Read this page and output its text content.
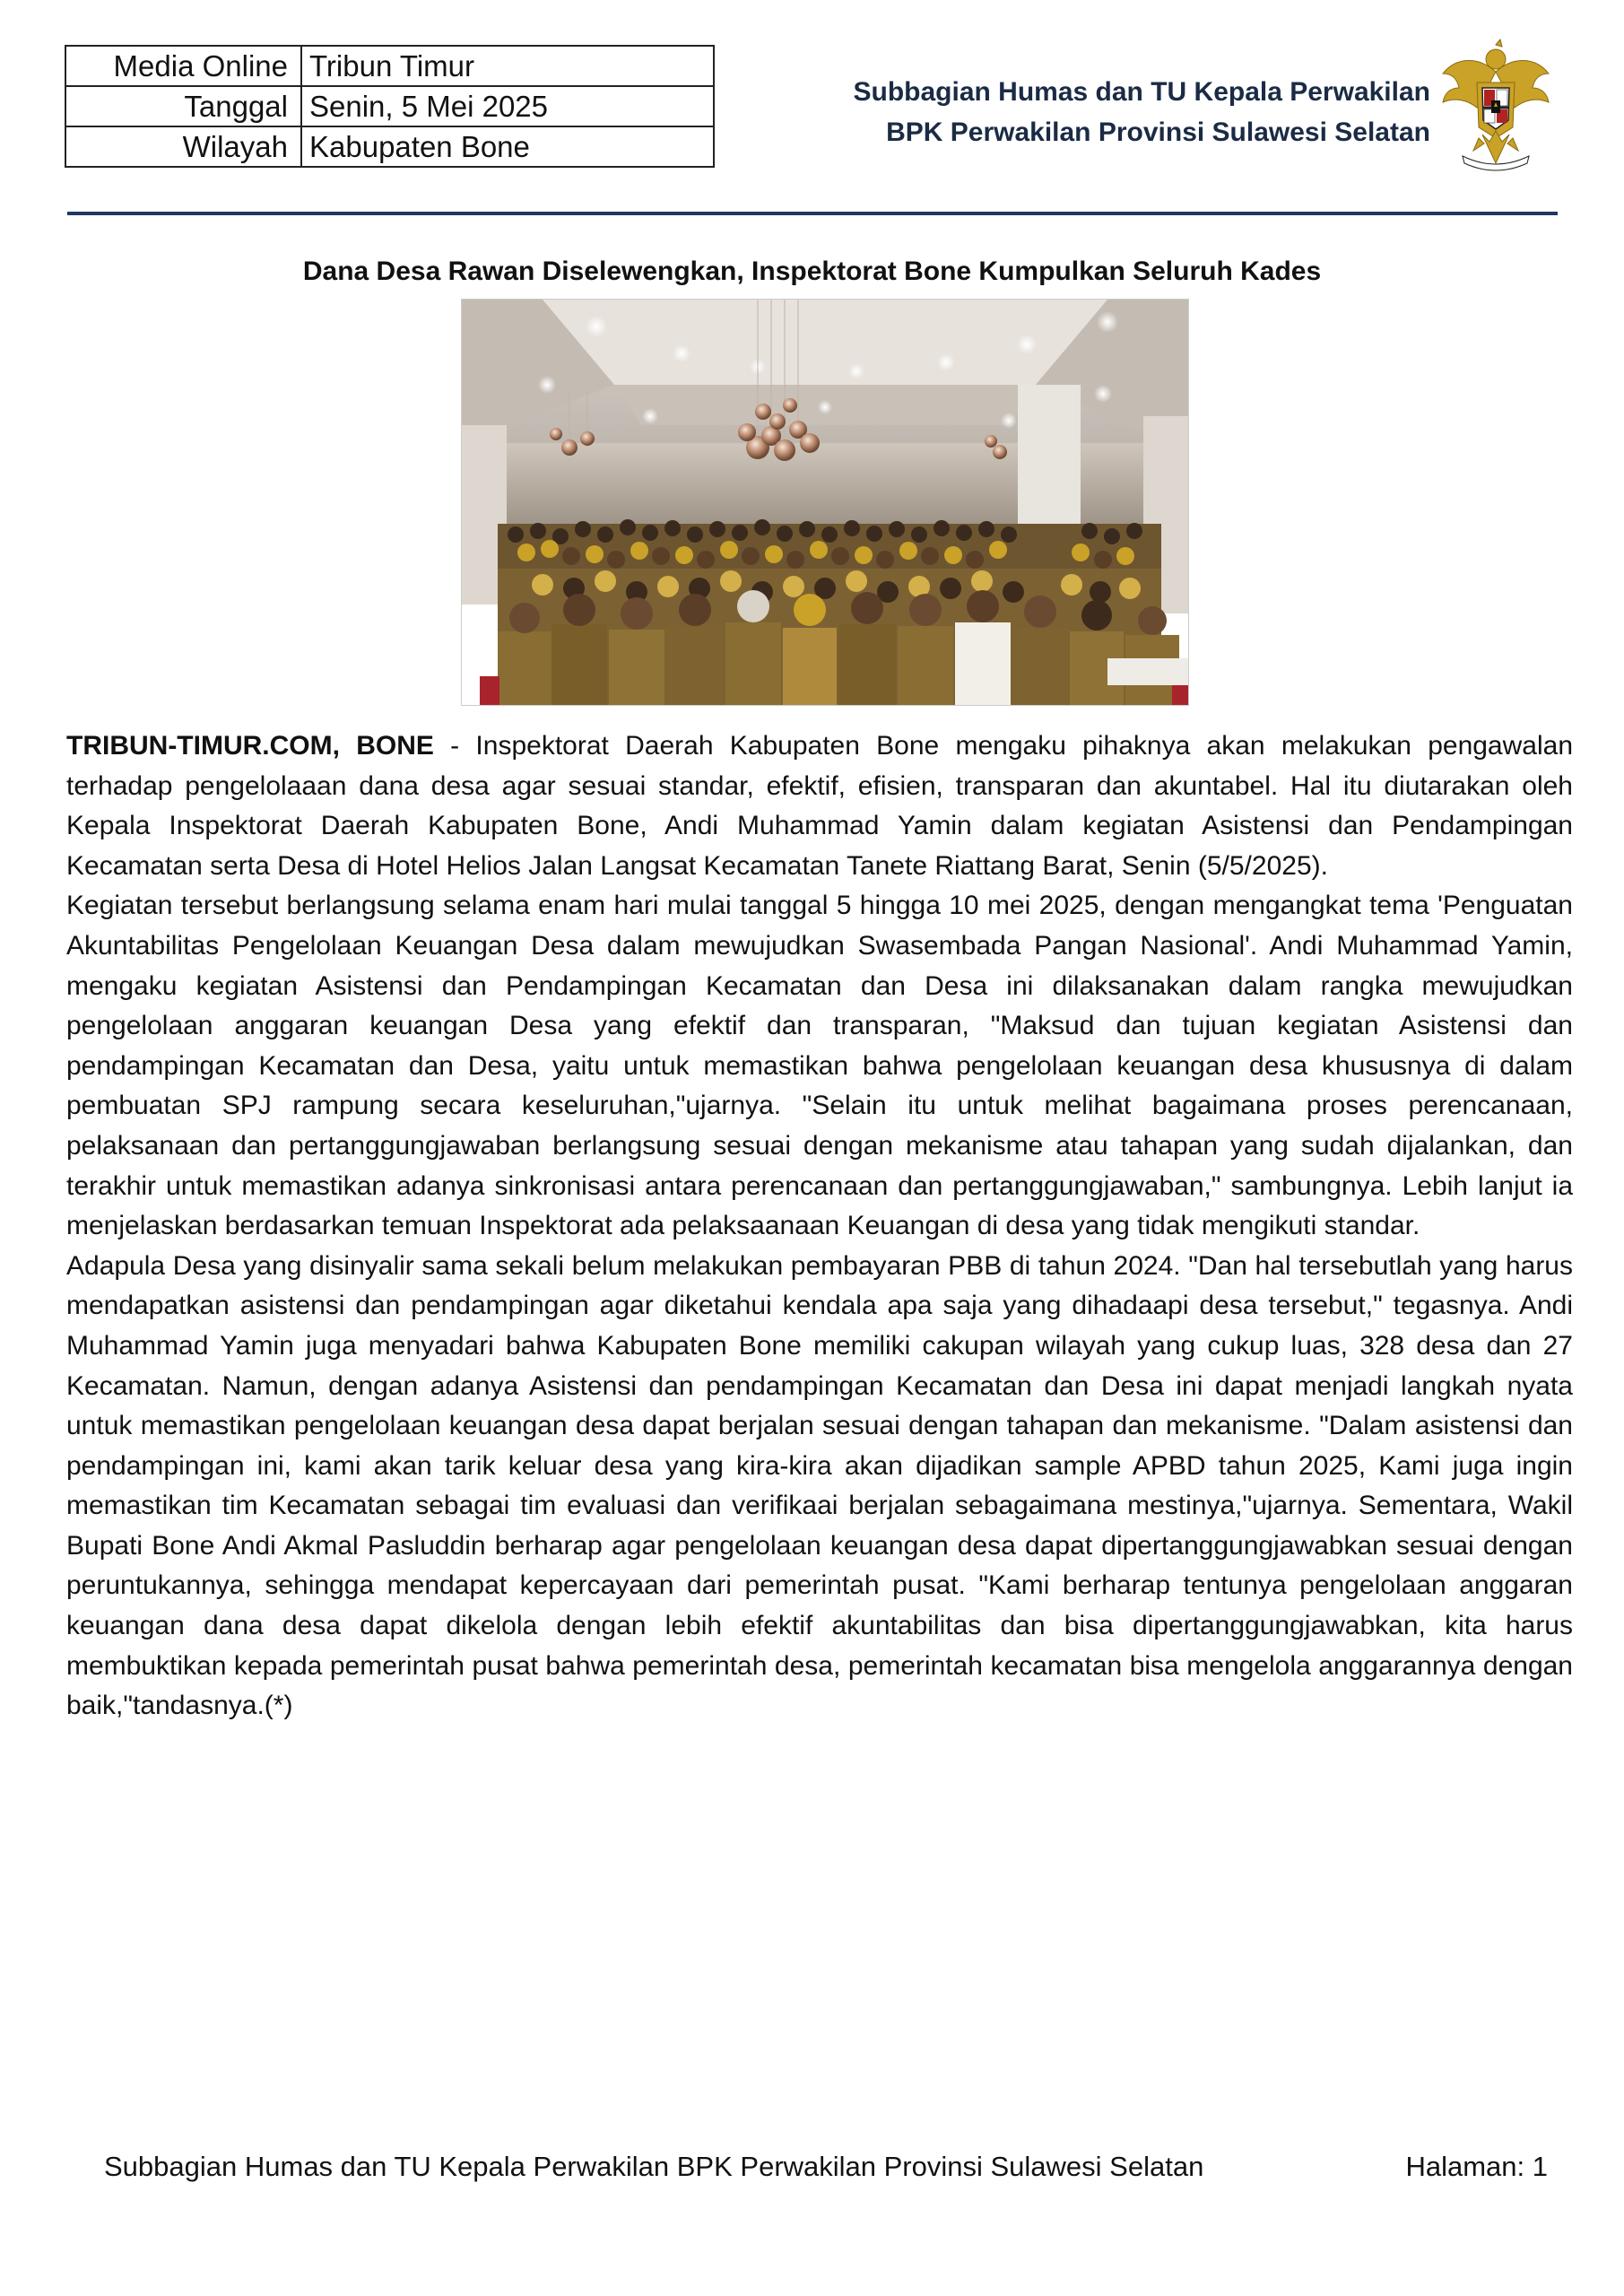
Media Online	Tribun Timur
Tanggal	Senin, 5 Mei 2025
Wilayah	Kabupaten Bone
Subbagian Humas dan TU Kepala Perwakilan
BPK Perwakilan Provinsi Sulawesi Selatan
Dana Desa Rawan Diselewengkan, Inspektorat Bone Kumpulkan Seluruh Kades

TRIBUN-TIMUR.COM, BONE - Inspektorat Daerah Kabupaten Bone mengaku pihaknya akan melakukan pengawalan terhadap pengelolaaan dana desa agar sesuai standar, efektif, efisien, transparan dan akuntabel. Hal itu diutarakan oleh Kepala Inspektorat Daerah Kabupaten Bone, Andi Muhammad Yamin dalam kegiatan Asistensi dan Pendampingan Kecamatan serta Desa di Hotel Helios Jalan Langsat Kecamatan Tanete Riattang Barat, Senin (5/5/2025).

Kegiatan tersebut berlangsung selama enam hari mulai tanggal 5 hingga 10 mei 2025, dengan mengangkat tema 'Penguatan Akuntabilitas Pengelolaan Keuangan Desa dalam mewujudkan Swasembada Pangan Nasional'. Andi Muhammad Yamin, mengaku kegiatan Asistensi dan Pendampingan Kecamatan dan Desa ini dilaksanakan dalam rangka mewujudkan pengelolaan anggaran keuangan Desa yang efektif dan transparan, "Maksud dan tujuan kegiatan Asistensi dan pendampingan Kecamatan dan Desa, yaitu untuk memastikan bahwa pengelolaan keuangan desa khususnya di dalam pembuatan SPJ rampung secara keseluruhan,"ujarnya. "Selain itu untuk melihat bagaimana proses perencanaan, pelaksanaan dan pertanggungjawaban berlangsung sesuai dengan mekanisme atau tahapan yang sudah dijalankan, dan terakhir untuk memastikan adanya sinkronisasi antara perencanaan dan pertanggungjawaban," sambungnya. Lebih lanjut ia menjelaskan berdasarkan temuan Inspektorat ada pelaksaanaan Keuangan di desa yang tidak mengikuti standar.

Adapula Desa yang disinyalir sama sekali belum melakukan pembayaran PBB di tahun 2024. "Dan hal tersebutlah yang harus mendapatkan asistensi dan pendampingan agar diketahui kendala apa saja yang dihadaapi desa tersebut," tegasnya. Andi Muhammad Yamin juga menyadari bahwa Kabupaten Bone memiliki cakupan wilayah yang cukup luas, 328 desa dan 27 Kecamatan. Namun, dengan adanya Asistensi dan pendampingan Kecamatan dan Desa ini dapat menjadi langkah nyata untuk memastikan pengelolaan keuangan desa dapat berjalan sesuai dengan tahapan dan mekanisme. "Dalam asistensi dan pendampingan ini, kami akan tarik keluar desa yang kira-kira akan dijadikan sample APBD tahun 2025, Kami juga ingin memastikan tim Kecamatan sebagai tim evaluasi dan verifikaai berjalan sebagaimana mestinya,"ujarnya. Sementara, Wakil Bupati Bone Andi Akmal Pasluddin berharap agar pengelolaan keuangan desa dapat dipertanggungjawabkan sesuai dengan peruntukannya, sehingga mendapat kepercayaan dari pemerintah pusat. "Kami berharap tentunya pengelolaan anggaran keuangan dana desa dapat dikelola dengan lebih efektif akuntabilitas dan bisa dipertanggungjawabkan, kita harus membuktikan kepada pemerintah pusat bahwa pemerintah desa, pemerintah kecamatan bisa mengelola anggarannya dengan baik,"tandasnya.(*)

Subbagian Humas dan TU Kepala Perwakilan BPK Perwakilan Provinsi Sulawesi Selatan	Halaman: 1
